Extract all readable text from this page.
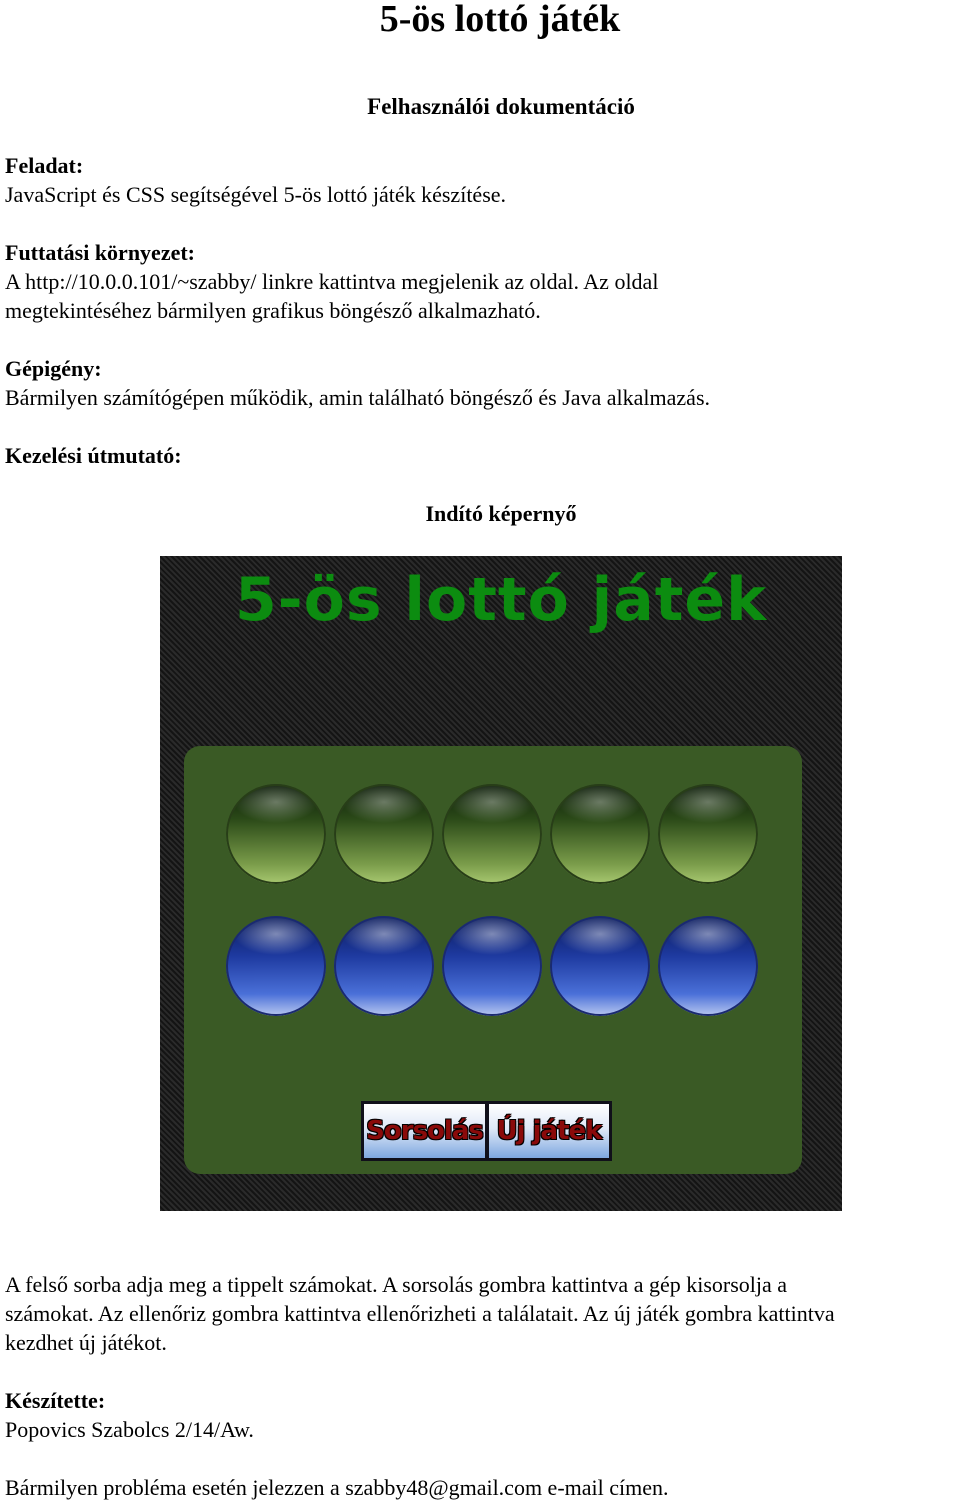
5-ös lottó játék
Felhasználói dokumentáció
Feladat:
JavaScript és CSS segítségével 5-ös lottó játék készítése.
Futtatási környezet:
A http://10.0.0.101/~szabby/ linkre kattintva megjelenik az oldal. Az oldal
megtekintéséhez bármilyen grafikus böngésző alkalmazható.
Gépigény:
Bármilyen számítógépen működik, amin található böngésző és Java alkalmazás.
Kezelési útmutató:
Indító képernyő
5-ös lottó játék
Sorsolás Új játék
A felső sorba adja meg a tippelt számokat. A sorsolás gombra kattintva a gép kisorsolja a
számokat. Az ellenőriz gombra kattintva ellenőrizheti a találatait. Az új játék gombra kattintva
kezdhet új játékot.
Készítette:
Popovics Szabolcs 2/14/Aw.
Bármilyen probléma esetén jelezzen a szabby48@gmail.com e-mail címen.
